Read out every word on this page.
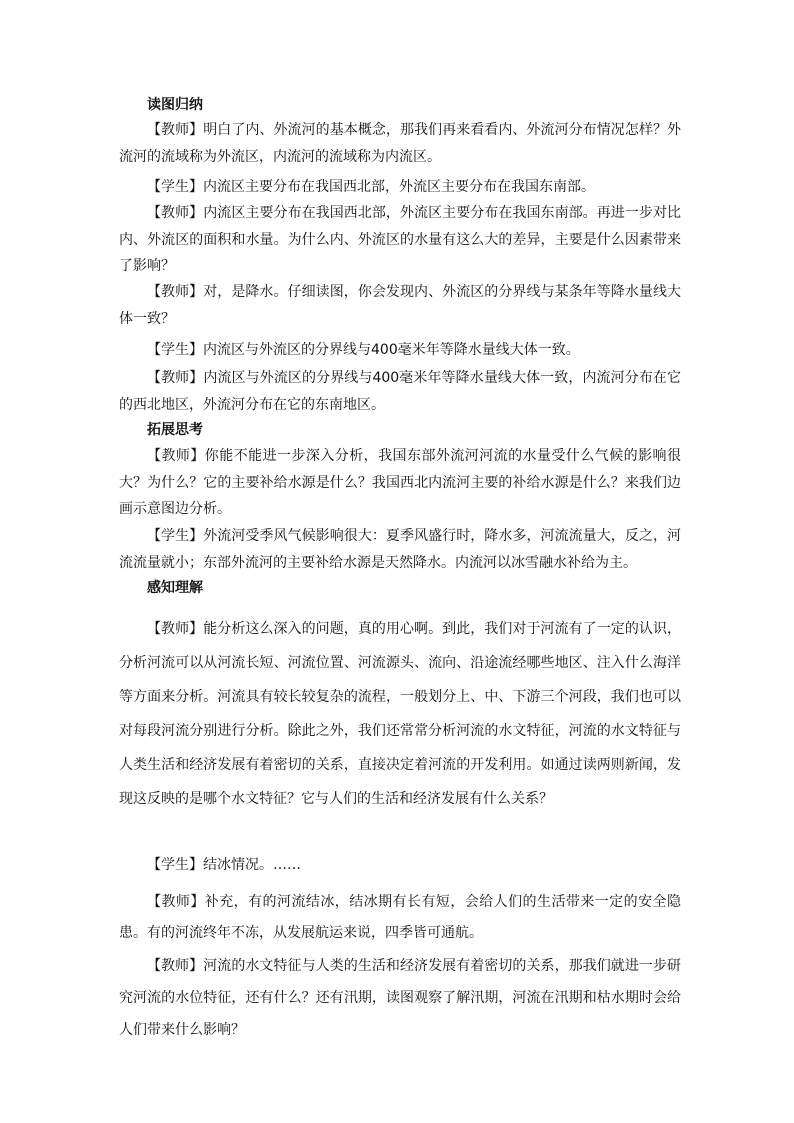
读图归纳

【教师】明白了内、外流河的基本概念，那我们再来看看内、外流河分布情况怎样？外流河的流域称为外流区，内流河的流域称为内流区。

【学生】内流区主要分布在我国西北部，外流区主要分布在我国东南部。

【教师】内流区主要分布在我国西北部，外流区主要分布在我国东南部。再进一步对比内、外流区的面积和水量。为什么内、外流区的水量有这么大的差异，主要是什么因素带来了影响？

【教师】对，是降水。仔细读图，你会发现内、外流区的分界线与某条年等降水量线大体一致？

【学生】内流区与外流区的分界线与400毫米年等降水量线大体一致。

【教师】内流区与外流区的分界线与400毫米年等降水量线大体一致，内流河分布在它的西北地区，外流河分布在它的东南地区。

拓展思考

【教师】你能不能进一步深入分析，我国东部外流河河流的水量受什么气候的影响很大？为什么？它的主要补给水源是什么？我国西北内流河主要的补给水源是什么？来我们边画示意图边分析。

【学生】外流河受季风气候影响很大：夏季风盛行时，降水多，河流流量大，反之，河流流量就小；东部外流河的主要补给水源是天然降水。内流河以冰雪融水补给为主。

感知理解

【教师】能分析这么深入的问题，真的用心啊。到此，我们对于河流有了一定的认识，分析河流可以从河流长短、河流位置、河流源头、流向、沿途流经哪些地区、注入什么海洋等方面来分析。河流具有较长较复杂的流程，一般划分上、中、下游三个河段，我们也可以对每段河流分别进行分析。除此之外，我们还常常分析河流的水文特征，河流的水文特征与人类生活和经济发展有着密切的关系，直接决定着河流的开发利用。如通过读两则新闻，发现这反映的是哪个水文特征？它与人们的生活和经济发展有什么关系？

【学生】结冰情况。……

【教师】补充，有的河流结冰，结冰期有长有短，会给人们的生活带来一定的安全隐患。有的河流终年不冻，从发展航运来说，四季皆可通航。

【教师】河流的水文特征与人类的生活和经济发展有着密切的关系，那我们就进一步研究河流的水位特征，还有什么？还有汛期，读图观察了解汛期，河流在汛期和枯水期时会给人们带来什么影响？
